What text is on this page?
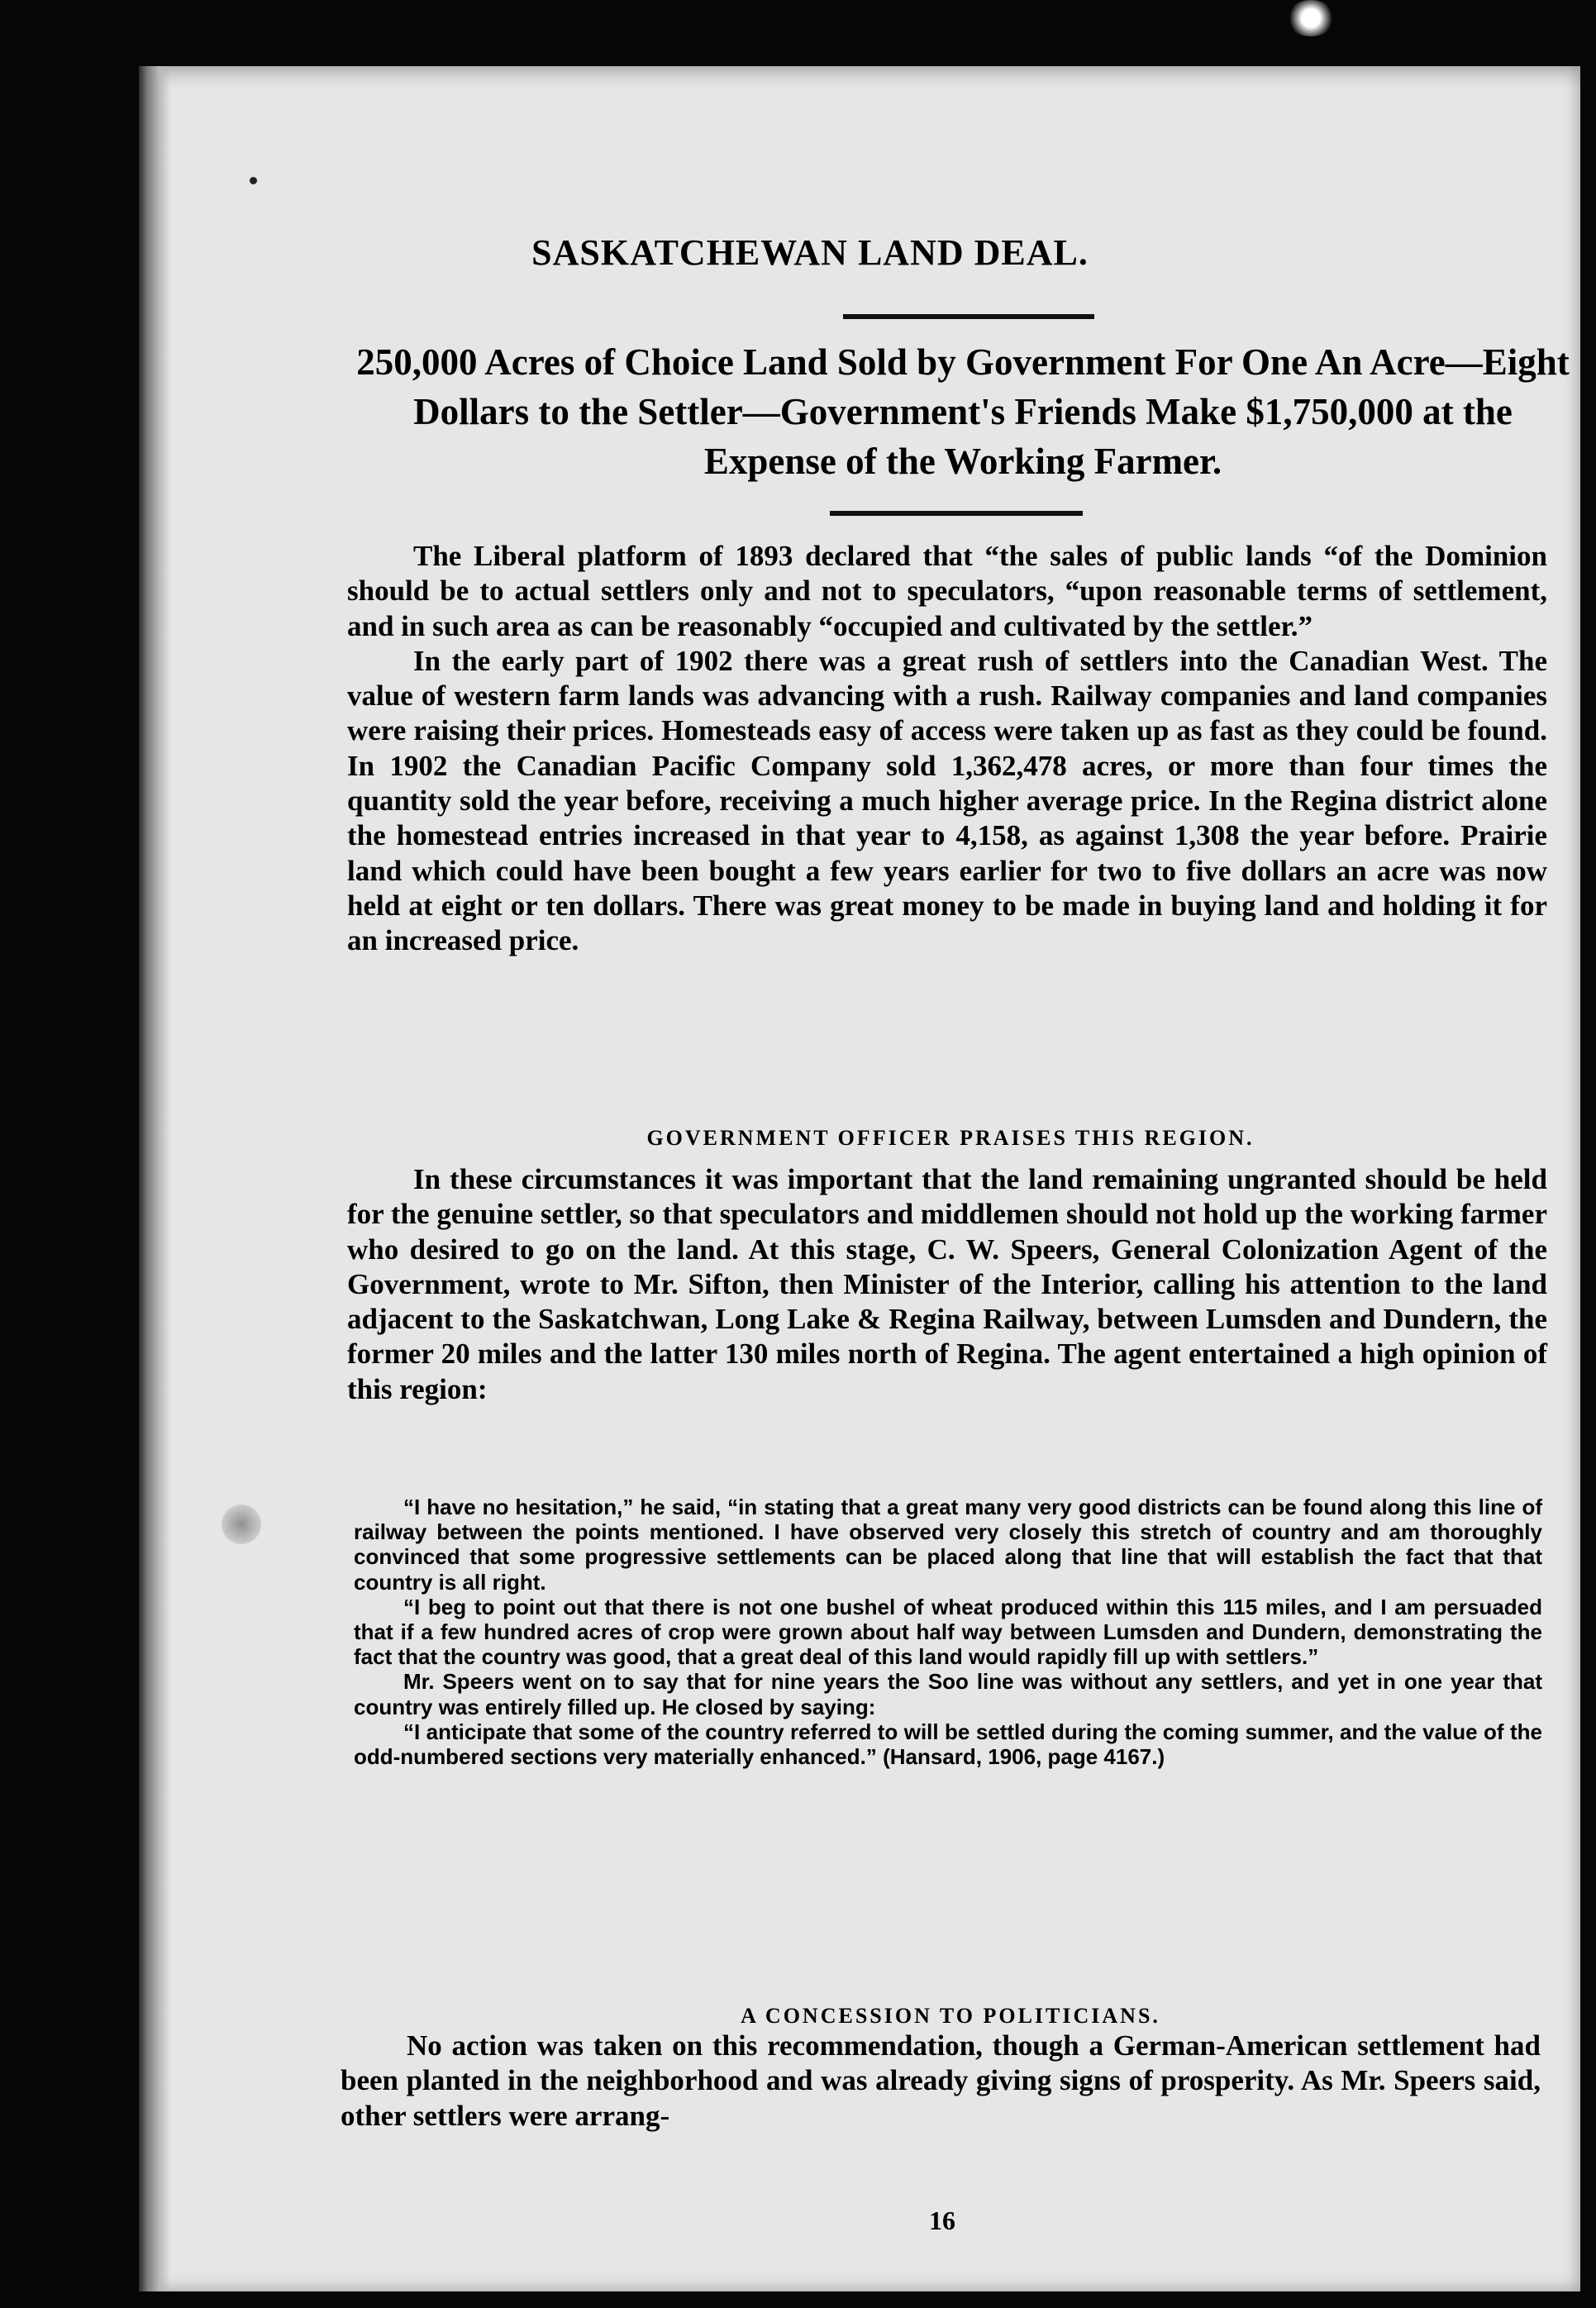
SASKATCHEWAN LAND DEAL.
250,000 Acres of Choice Land Sold by Government For One An Acre—Eight Dollars to the Settler—Government's Friends Make $1,750,000 at the Expense of the Working Farmer.

The Liberal platform of 1893 declared that “the sales of public lands “of the Dominion should be to actual settlers only and not to speculators, “upon reasonable terms of settlement, and in such area as can be reasonably “occupied and cultivated by the settler.”

In the early part of 1902 there was a great rush of settlers into the Canadian West. The value of western farm lands was advancing with a rush. Railway companies and land companies were raising their prices. Homesteads easy of access were taken up as fast as they could be found. In 1902 the Canadian Pacific Company sold 1,362,478 acres, or more than four times the quantity sold the year before, receiving a much higher average price. In the Regina district alone the homestead entries increased in that year to 4,158, as against 1,308 the year before. Prairie land which could have been bought a few years earlier for two to five dollars an acre was now held at eight or ten dollars. There was great money to be made in buying land and holding it for an increased price.

GOVERNMENT OFFICER PRAISES THIS REGION.

In these circumstances it was important that the land remaining ungranted should be held for the genuine settler, so that speculators and middlemen should not hold up the working farmer who desired to go on the land. At this stage, C. W. Speers, General Colonization Agent of the Government, wrote to Mr. Sifton, then Minister of the Interior, calling his attention to the land adjacent to the Saskatchwan, Long Lake & Regina Railway, between Lumsden and Dundern, the former 20 miles and the latter 130 miles north of Regina. The agent entertained a high opinion of this region:

“I have no hesitation,” he said, “in stating that a great many very good districts can be found along this line of railway between the points mentioned. I have observed very closely this stretch of country and am thoroughly convinced that some progressive settlements can be placed along that line that will establish the fact that that country is all right.

“I beg to point out that there is not one bushel of wheat produced within this 115 miles, and I am persuaded that if a few hundred acres of crop were grown about half way between Lumsden and Dundern, demonstrating the fact that the country was good, that a great deal of this land would rapidly fill up with settlers.”

Mr. Speers went on to say that for nine years the Soo line was without any settlers, and yet in one year that country was entirely filled up. He closed by saying:

“I anticipate that some of the country referred to will be settled during the coming summer, and the value of the odd-numbered sections very materially enhanced.” (Hansard, 1906, page 4167.)

A CONCESSION TO POLITICIANS.

No action was taken on this recommendation, though a German-American settlement had been planted in the neighborhood and was already giving signs of prosperity. As Mr. Speers said, other settlers were arrang-

16
